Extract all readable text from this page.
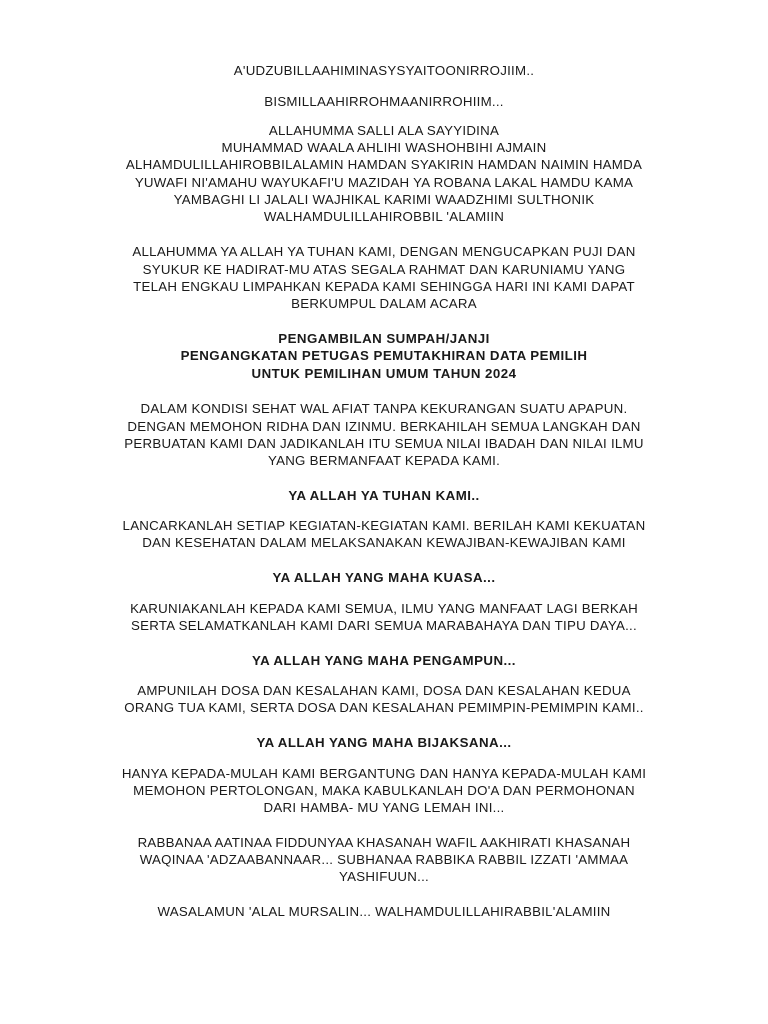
A'UDZUBILLAAHIMINASYSYAITOONIRROJIIM..
BISMILLAAHIRROHMAANIRROHIIM...
ALLAHUMMA SALLI ALA SAYYIDINA
MUHAMMAD WAALA AHLIHI WASHOHBIHI AJMAIN
ALHAMDULILLAHIROBBILALAMIN HAMDAN SYAKIRIN HAMDAN NAIMIN HAMDA
YUWAFI NI'AMAHU WAYUKAFI'U MAZIDAH YA ROBANA LAKAL HAMDU KAMA
YAMBAGHI LI JALALI WAJHIKAL KARIMI WAADZHIMI SULTHONIK
WALHAMDULILLAHIROBBIL 'ALAMIIN
ALLAHUMMA YA ALLAH YA TUHAN KAMI, DENGAN MENGUCAPKAN PUJI DAN
SYUKUR KE HADIRAT-MU ATAS SEGALA RAHMAT DAN KARUNIAMU YANG
TELAH ENGKAU LIMPAHKAN KEPADA KAMI SEHINGGA HARI INI KAMI DAPAT
BERKUMPUL DALAM ACARA
PENGAMBILAN SUMPAH/JANJI
PENGANGKATAN PETUGAS PEMUTAKHIRAN DATA PEMILIH
UNTUK PEMILIHAN UMUM TAHUN 2024
DALAM KONDISI SEHAT WAL AFIAT TANPA KEKURANGAN SUATU APAPUN.
DENGAN MEMOHON RIDHA DAN IZINMU. BERKAHILAH SEMUA LANGKAH DAN
PERBUATAN KAMI DAN JADIKANLAH ITU SEMUA NILAI IBADAH DAN NILAI ILMU
YANG BERMANFAAT KEPADA KAMI.
YA ALLAH YA TUHAN KAMI..
LANCARKANLAH SETIAP KEGIATAN-KEGIATAN KAMI. BERILAH KAMI KEKUATAN
DAN KESEHATAN DALAM MELAKSANAKAN KEWAJIBAN-KEWAJIBAN KAMI
YA ALLAH YANG MAHA KUASA...
KARUNIAKANLAH KEPADA KAMI SEMUA, ILMU YANG MANFAAT LAGI BERKAH
SERTA SELAMATKANLAH KAMI DARI SEMUA MARABAHAYA DAN TIPU DAYA...
YA ALLAH YANG MAHA PENGAMPUN...
AMPUNILAH DOSA DAN KESALAHAN KAMI, DOSA DAN KESALAHAN KEDUA
ORANG TUA KAMI, SERTA DOSA DAN KESALAHAN PEMIMPIN-PEMIMPIN KAMI..
YA ALLAH YANG MAHA BIJAKSANA...
HANYA KEPADA-MULAH KAMI BERGANTUNG DAN HANYA KEPADA-MULAH KAMI
MEMOHON PERTOLONGAN, MAKA KABULKANLAH DO'A DAN PERMOHONAN
DARI HAMBA- MU YANG LEMAH INI...
RABBANAA AATINAA FIDDUNYAA KHASANAH WAFIL AAKHIRATI KHASANAH
WAQINAA 'ADZAABANNAAR... SUBHANAA RABBIKA RABBIL IZZATI 'AMMAA
YASHIFUUN...
WASALAMUN 'ALAL MURSALIN... WALHAMDULILLAHIRABBIL'ALAMIIN
